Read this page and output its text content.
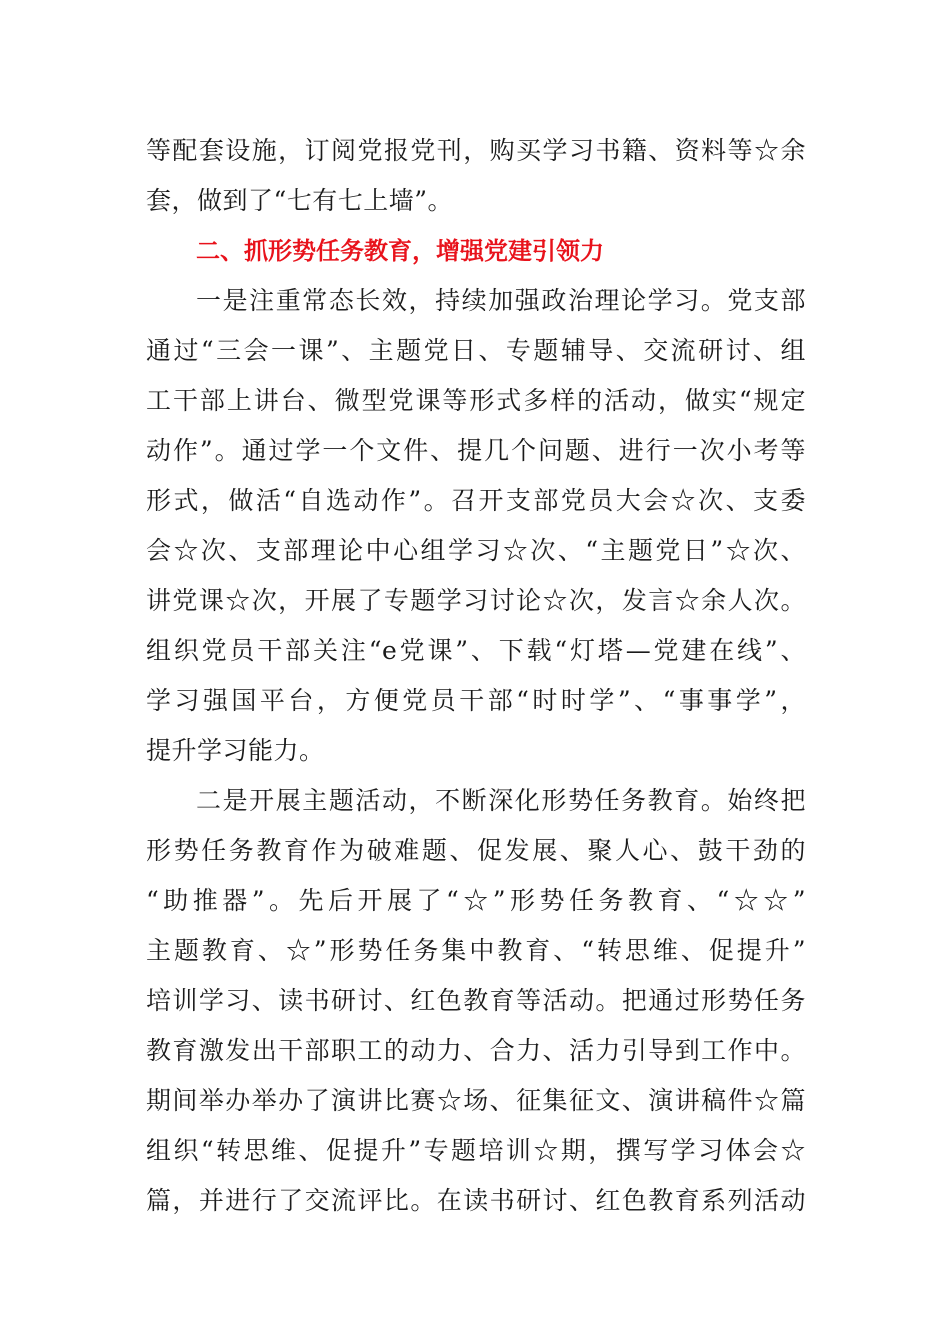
等配套设施，订阅党报党刊，购买学习书籍、资料等☆余
套，做到了“七有七上墙”。
二、抓形势任务教育，增强党建引领力
一是注重常态长效，持续加强政治理论学习。党支部
通过“三会一课”、主题党日、专题辅导、交流研讨、组
工干部上讲台、微型党课等形式多样的活动，做实“规定
动作”。通过学一个文件、提几个问题、进行一次小考等
形式，做活“自选动作”。召开支部党员大会☆次、支委
会☆次、支部理论中心组学习☆次、“主题党日”☆次、
讲党课☆次，开展了专题学习讨论☆次，发言☆余人次。
组织党员干部关注“e党课”、下载“灯塔—党建在线”、
学习强国平台，方便党员干部“时时学”、“事事学”，
提升学习能力。
二是开展主题活动，不断深化形势任务教育。始终把
形势任务教育作为破难题、促发展、聚人心、鼓干劲的
“助推器”。先后开展了“☆”形势任务教育、“☆☆”
主题教育、☆”形势任务集中教育、“转思维、促提升”
培训学习、读书研讨、红色教育等活动。把通过形势任务
教育激发出干部职工的动力、合力、活力引导到工作中。
期间举办举办了演讲比赛☆场、征集征文、演讲稿件☆篇
组织“转思维、促提升”专题培训☆期，撰写学习体会☆
篇，并进行了交流评比。在读书研讨、红色教育系列活动
